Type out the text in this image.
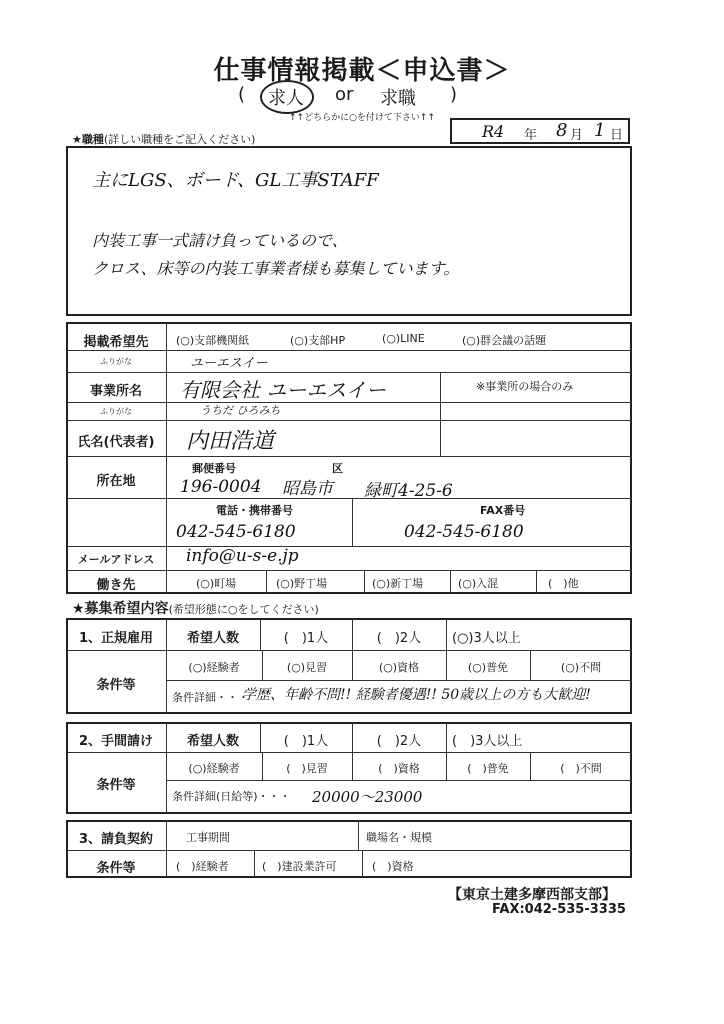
仕事情報掲載＜申込書＞
( 求人 or 求職 )
↑↑どちらかに○を付けて下さい↑↑
R4 年 8 月 1 日
★職種(詳しい職種をご記入ください)
主にLGS、ボード、GL工事STAFF
内装工事一式請け負っているので、
クロス、床等の内装工事業者様も募集しています。
掲載希望先	(○)支部機関紙	(○)支部HP	(○)LINE	(○)群会議の話題
ふりがな	ユーエスイー
事業所名	有限会社 ユーエスイー	※事業所の場合のみ
ふりがな	うちだ ひろみち
氏名(代表者)	内田浩道
所在地
郵便番号	区
196-0004 昭島市 緑町4-25-6
電話・携帯番号
042-545-6180
FAX番号
042-545-6180
メールアドレス	info@u-s-e.jp
働き先	(○)町場	(○)野丁場	(○)新丁場	(○)入混	(　)他
★募集希望内容(希望形態に○をしてください)
1、正規雇用	希望人数	(　)1人	(　)2人	(○)3人以上
条件等
(○)経験者	(○)見習	(○)資格	(○)普免	(○)不問
条件詳細・・・
学歴、年齢不問!! 経験者優遇!! 50歳以上の方も大歓迎!
2、手間請け	希望人数	(　)1人	(　)2人	(　)3人以上
条件等
(○)経験者	(　)見習	(　)資格	(　)普免	(　)不問
条件詳細(日給等)・・・ 20000～23000
3、請負契約	工事期間	職場名・規模
条件等	(　)経験者	(　)建設業許可	(　)資格
【東京土建多摩西部支部】
FAX:042-535-3335
